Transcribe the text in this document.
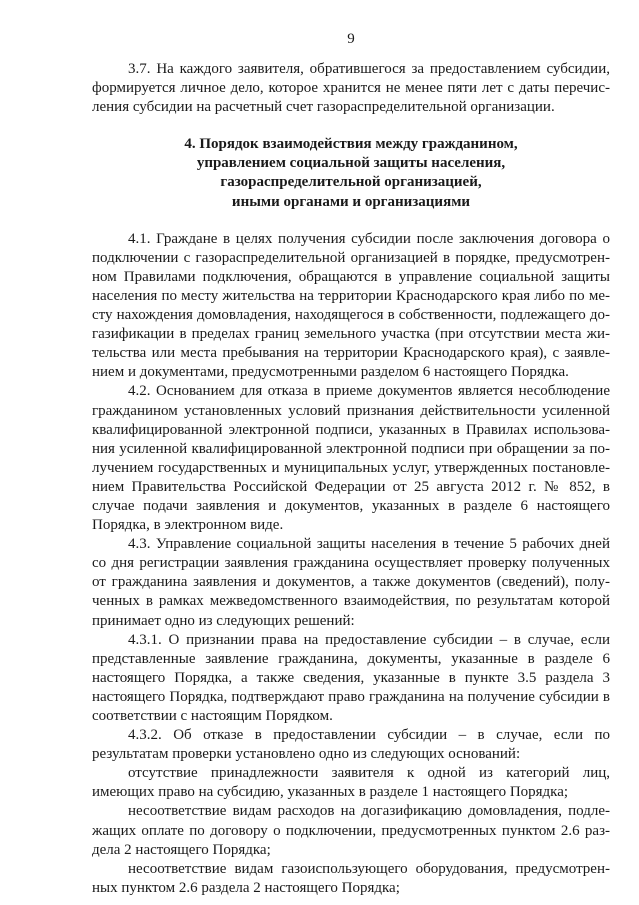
9

3.7. На каждого заявителя, обратившегося за предоставлением субсидии, формируется личное дело, которое хранится не менее пяти лет с даты перечисления субсидии на расчетный счет газораспределительной организации.

4. Порядок взаимодействия между гражданином,
управлением социальной защиты населения,
газораспределительной организацией,
иными органами и организациями

4.1. Граждане в целях получения субсидии после заключения договора о подключении с газораспределительной организацией в порядке, предусмотренном Правилами подключения, обращаются в управление социальной защиты населения по месту жительства на территории Краснодарского края либо по месту нахождения домовладения, находящегося в собственности, подлежащего догазификации в пределах границ земельного участка (при отсутствии места жительства или места пребывания на территории Краснодарского края), с заявлением и документами, предусмотренными разделом 6 настоящего Порядка.

4.2. Основанием для отказа в приеме документов является несоблюдение гражданином установленных условий признания действительности усиленной квалифицированной электронной подписи, указанных в Правилах использования усиленной квалифицированной электронной подписи при обращении за получением государственных и муниципальных услуг, утвержденных постановлением Правительства Российской Федерации от 25 августа 2012 г. № 852, в случае подачи заявления и документов, указанных в разделе 6 настоящего Порядка, в электронном виде.

4.3. Управление социальной защиты населения в течение 5 рабочих дней со дня регистрации заявления гражданина осуществляет проверку полученных от гражданина заявления и документов, а также документов (сведений), полученных в рамках межведомственного взаимодействия, по результатам которой принимает одно из следующих решений:

4.3.1. О признании права на предоставление субсидии – в случае, если представленные заявление гражданина, документы, указанные в разделе 6 настоящего Порядка, а также сведения, указанные в пункте 3.5 раздела 3 настоящего Порядка, подтверждают право гражданина на получение субсидии в соответствии с настоящим Порядком.

4.3.2. Об отказе в предоставлении субсидии – в случае, если по результатам проверки установлено одно из следующих оснований:

отсутствие принадлежности заявителя к одной из категорий лиц, имеющих право на субсидию, указанных в разделе 1 настоящего Порядка;

несоответствие видам расходов на догазификацию домовладения, подлежащих оплате по договору о подключении, предусмотренных пунктом 2.6 раздела 2 настоящего Порядка;

несоответствие видам газоиспользующего оборудования, предусмотренных пунктом 2.6 раздела 2 настоящего Порядка;
